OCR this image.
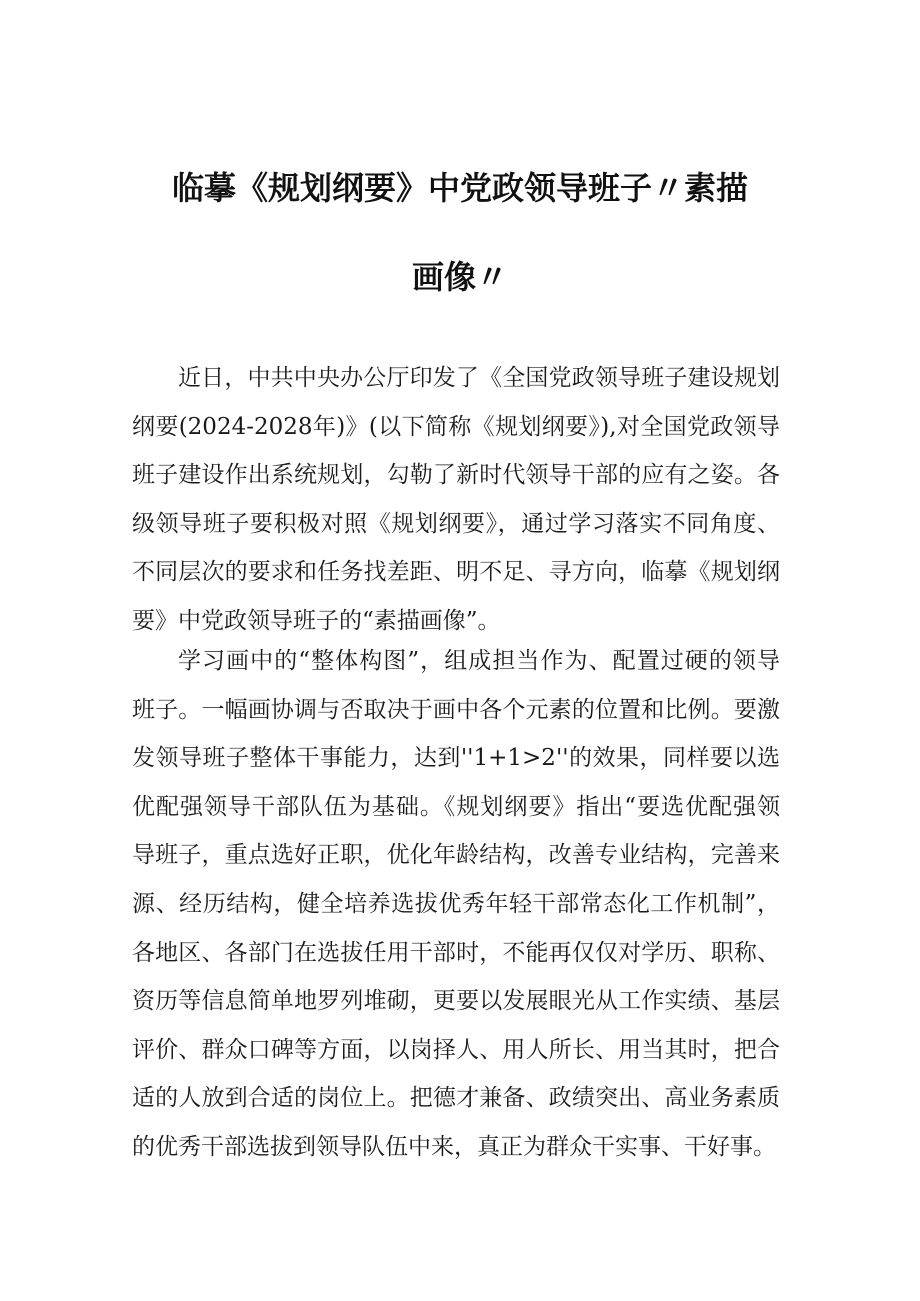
临摹《规划纲要》中党政领导班子〃素描
画像〃
近日，中共中央办公厅印发了《全国党政领导班子建设规划
纲要(2024-2028年)》(以下简称《规划纲要》),对全国党政领导
班子建设作出系统规划，勾勒了新时代领导干部的应有之姿。各
级领导班子要积极对照《规划纲要》，通过学习落实不同角度、
不同层次的要求和任务找差距、明不足、寻方向，临摹《规划纲
要》中党政领导班子的“素描画像”。
学习画中的“整体构图”，组成担当作为、配置过硬的领导
班子。一幅画协调与否取决于画中各个元素的位置和比例。要激
发领导班子整体干事能力，达到''1+1>2''的效果，同样要以选
优配强领导干部队伍为基础。《规划纲要》指出“要选优配强领
导班子，重点选好正职，优化年龄结构，改善专业结构，完善来
源、经历结构，健全培养选拔优秀年轻干部常态化工作机制”，
各地区、各部门在选拔任用干部时，不能再仅仅对学历、职称、
资历等信息简单地罗列堆砌，更要以发展眼光从工作实绩、基层
评价、群众口碑等方面，以岗择人、用人所长、用当其时，把合
适的人放到合适的岗位上。把德才兼备、政绩突出、高业务素质
的优秀干部选拔到领导队伍中来，真正为群众干实事、干好事。
